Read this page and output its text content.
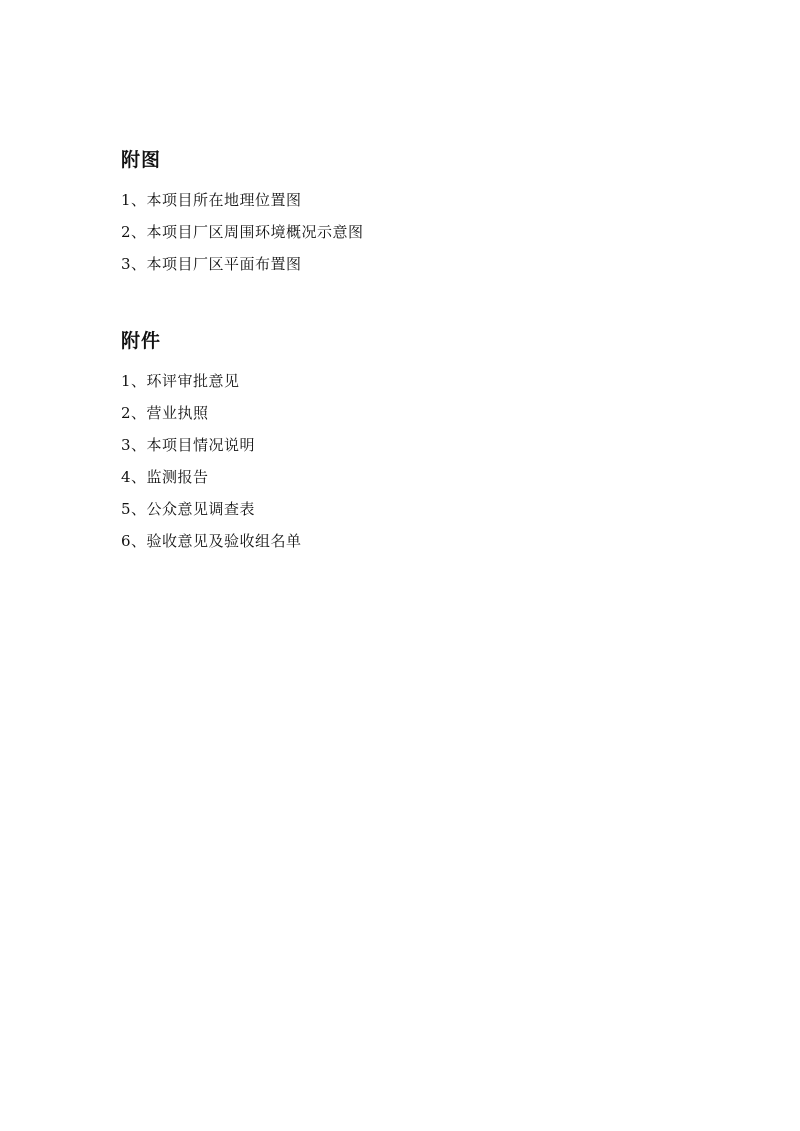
附图
1、本项目所在地理位置图
2、本项目厂区周围环境概况示意图
3、本项目厂区平面布置图
附件
1、环评审批意见
2、营业执照
3、本项目情况说明
4、监测报告
5、公众意见调查表
6、验收意见及验收组名单
